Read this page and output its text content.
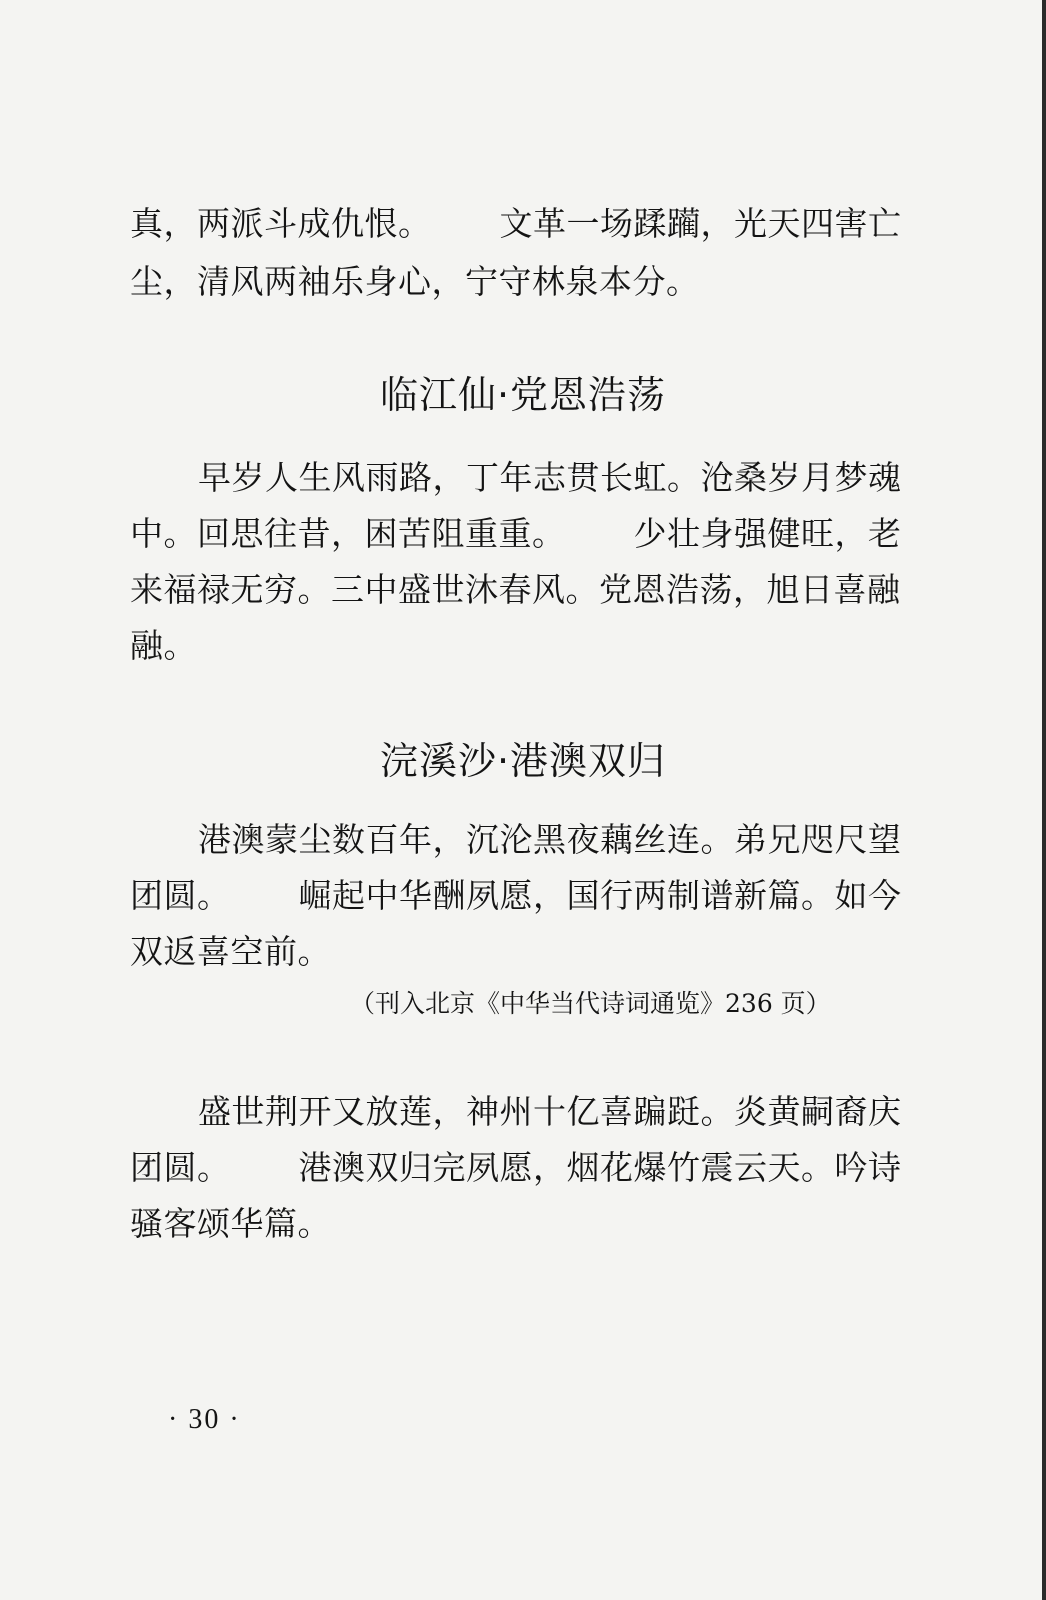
真，两派斗成仇恨。 文革一场蹂躏，光天四害亡
尘，清风两袖乐身心，宁守林泉本分。
临江仙·党恩浩荡
早岁人生风雨路，丁年志贯长虹。沧桑岁月梦魂
中。回思往昔，困苦阻重重。 少壮身强健旺，老
来福禄无穷。三中盛世沐春风。党恩浩荡，旭日喜融
融。
浣溪沙·港澳双归
港澳蒙尘数百年，沉沦黑夜藕丝连。弟兄咫尺望
团圆。 崛起中华酬夙愿，国行两制谱新篇。如今
双返喜空前。
（刊入北京《中华当代诗词通览》236 页）
盛世荆开又放莲，神州十亿喜蹁跹。炎黄嗣裔庆
团圆。 港澳双归完夙愿，烟花爆竹震云天。吟诗
骚客颂华篇。
· 30 ·
